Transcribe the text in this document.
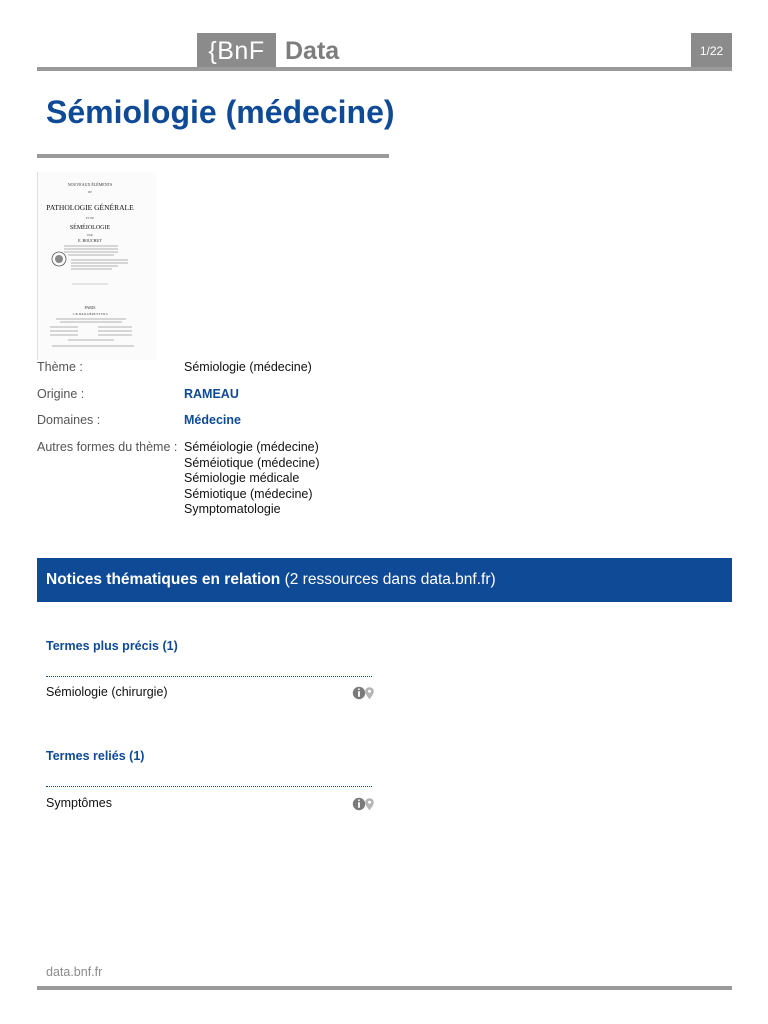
{BnF Data	1/22
Sémiologie (médecine)
NOUVEAUX ÉLÉMENTS
DE
PATHOLOGIE GÉNÉRALE
ET DE
SÉMÉIOLOGIE
PAR
E. BOUCHUT
PARIS
J.-B. BAILLIÈRE ET FILS
Thème :	Sémiologie (médecine)
Origine :	RAMEAU
Domaines :	Médecine
Autres formes du thème : Séméiologie (médecine)
Séméiotique (médecine)
Sémiologie médicale
Sémiotique (médecine)
Symptomatologie
Notices thématiques en relation (2 ressources dans data.bnf.fr)
Termes plus précis (1)
Sémiologie (chirurgie)
Termes reliés (1)
Symptômes
data.bnf.fr
